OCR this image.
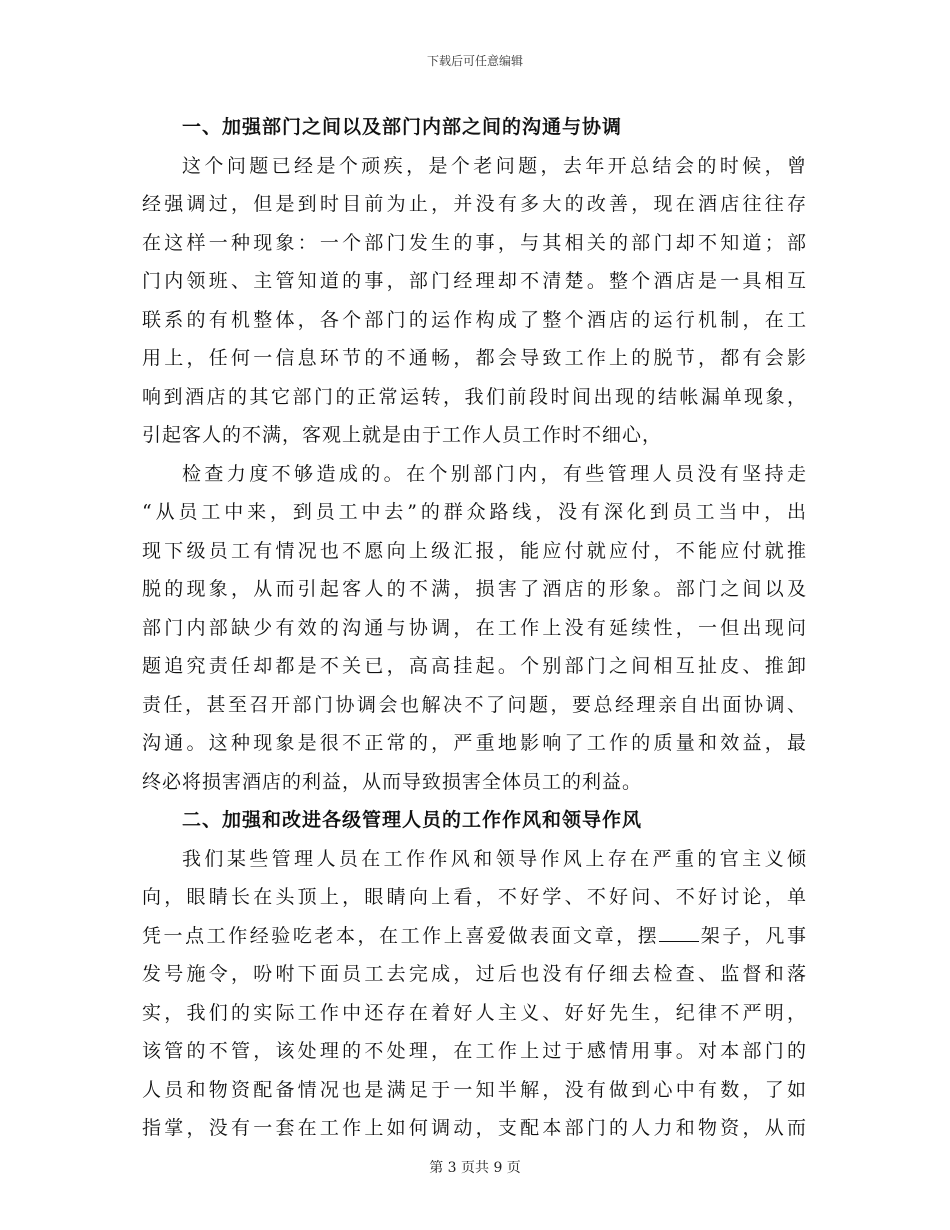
下载后可任意编辑
一、加强部门之间以及部门内部之间的沟通与协调
这个问题已经是个顽疾，是个老问题，去年开总结会的时候，曾
经强调过，但是到时目前为止，并没有多大的改善，现在酒店往往存
在这样一种现象：一个部门发生的事，与其相关的部门却不知道；部
门内领班、主管知道的事，部门经理却不清楚。整个酒店是一具相互
联系的有机整体，各个部门的运作构成了整个酒店的运行机制，在工
用上，任何一信息环节的不通畅，都会导致工作上的脱节，都有会影
响到酒店的其它部门的正常运转，我们前段时间出现的结帐漏单现象，
引起客人的不满，客观上就是由于工作人员工作时不细心，
检查力度不够造成的。在个别部门内，有些管理人员没有坚持走
“从员工中来，到员工中去”的群众路线，没有深化到员工当中，出
现下级员工有情况也不愿向上级汇报，能应付就应付，不能应付就推
脱的现象，从而引起客人的不满，损害了酒店的形象。部门之间以及
部门内部缺少有效的沟通与协调，在工作上没有延续性，一但出现问
题追究责任却都是不关已，高高挂起。个别部门之间相互扯皮、推卸
责任，甚至召开部门协调会也解决不了问题，要总经理亲自出面协调、
沟通。这种现象是很不正常的，严重地影响了工作的质量和效益，最
终必将损害酒店的利益，从而导致损害全体员工的利益。
二、加强和改进各级管理人员的工作作风和领导作风
我们某些管理人员在工作作风和领导作风上存在严重的官主义倾
向，眼睛长在头顶上，眼睛向上看，不好学、不好问、不好讨论，单
凭一点工作经验吃老本，在工作上喜爱做表面文章，摆 架子，凡事
发号施令，吩咐下面员工去完成，过后也没有仔细去检查、监督和落
实，我们的实际工作中还存在着好人主义、好好先生，纪律不严明，
该管的不管，该处理的不处理，在工作上过于感情用事。对本部门的
人员和物资配备情况也是满足于一知半解，没有做到心中有数，了如
指掌，没有一套在工作上如何调动，支配本部门的人力和物资，从而
第 3 页共 9 页
